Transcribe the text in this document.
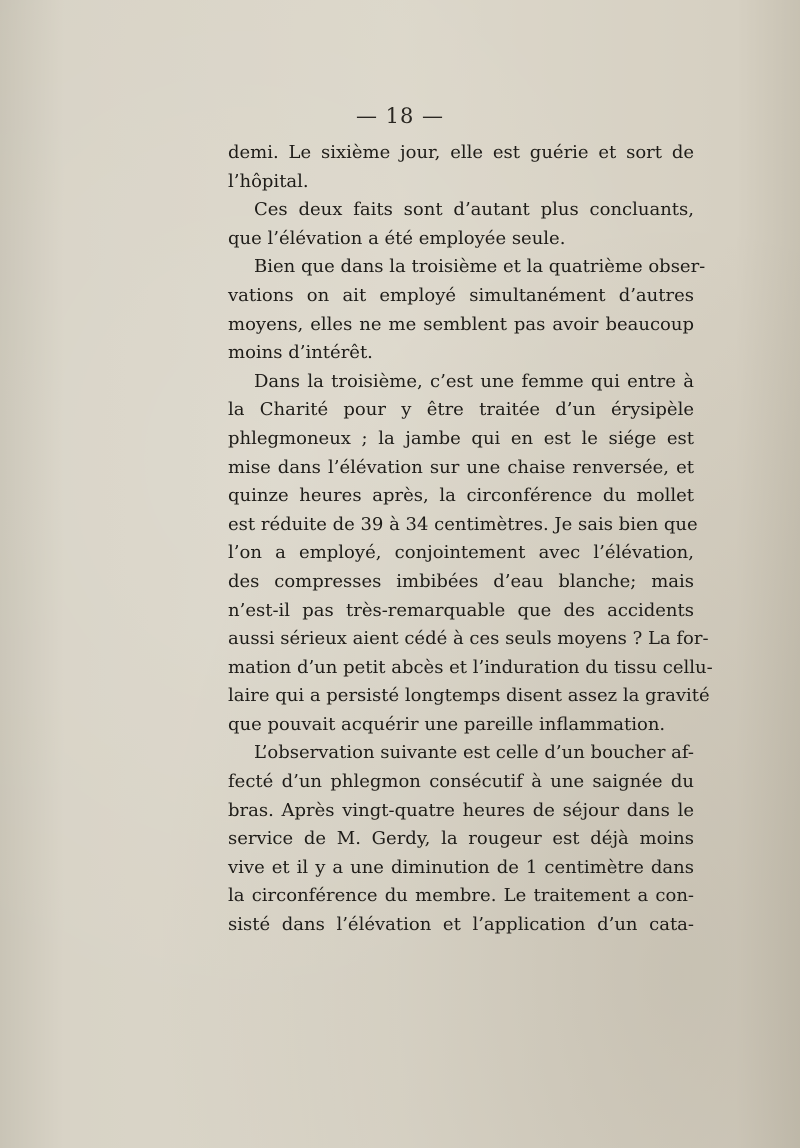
— 18 —
demi. Le sixième jour, elle est guérie et sort de
l’hôpital.
Ces deux faits sont d’autant plus concluants,
que l’élévation a été employée seule.
Bien que dans la troisième et la quatrième obser-
vations on ait employé simultanément d’autres
moyens, elles ne me semblent pas avoir beaucoup
moins d’intérêt.
Dans la troisième, c’est une femme qui entre à
la Charité pour y être traitée d’un érysipèle
phlegmoneux ; la jambe qui en est le siége est
mise dans l’élévation sur une chaise renversée, et
quinze heures après, la circonférence du mollet
est réduite de 39 à 34 centimètres. Je sais bien que
l’on a employé, conjointement avec l’élévation,
des compresses imbibées d’eau blanche; mais
n’est-il pas très-remarquable que des accidents
aussi sérieux aient cédé à ces seuls moyens ? La for-
mation d’un petit abcès et l’induration du tissu cellu-
laire qui a persisté longtemps disent assez la gravité
que pouvait acquérir une pareille inflammation.
L’observation suivante est celle d’un boucher af-
fecté d’un phlegmon consécutif à une saignée du
bras. Après vingt-quatre heures de séjour dans le
service de M. Gerdy, la rougeur est déjà moins
vive et il y a une diminution de 1 centimètre dans
la circonférence du membre. Le traitement a con-
sisté dans l’élévation et l’application d’un cata-
